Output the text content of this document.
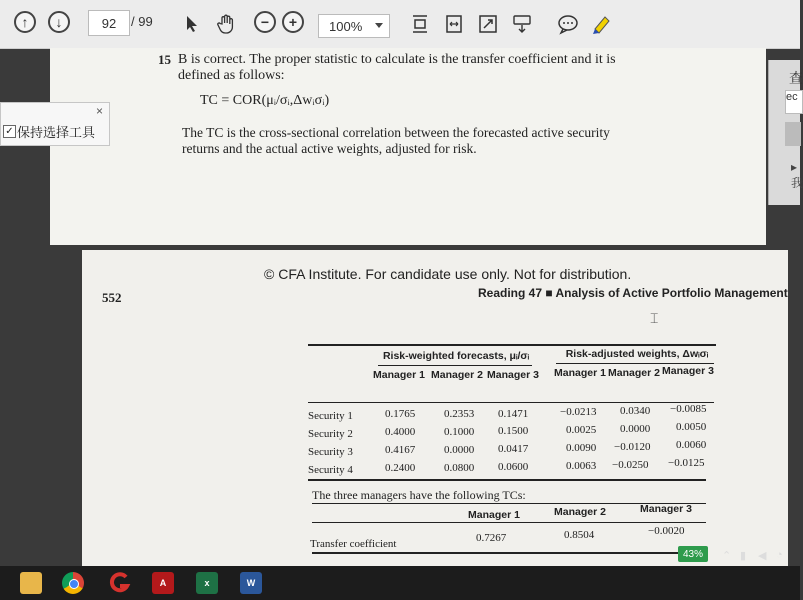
↑	↓	92	/ 99	−	+	100%
15 B is correct. The proper statistic to calculate is the transfer coefficient and it is
defined as follows:
TC = COR(μᵢ/σᵢ,Δwᵢσᵢ)
The TC is the cross-sectional correlation between the forecasted active security
returns and the actual active weights, adjusted for risk.
×
✓ 保持选择工具
查
ec
▸ 我
© CFA Institute. For candidate use only. Not for distribution.
552	Reading 47 ■ Analysis of Active Portfolio Management
⌶
Risk-weighted forecasts, μᵢ/σᵢ	Risk-adjusted weights, Δwᵢσᵢ
Manager 1 Manager 2 Manager 3 Manager 1 Manager 2 Manager 3
Security 1	0.1765	0.2353 0.1471	−0.0213 0.0340 −0.0085
Security 2	0.4000	0.1000 0.1500	0.0025 0.0000 0.0050
Security 3	0.4167	0.0000 0.0417	0.0090 −0.0120 0.0060
Security 4	0.2400	0.0800 0.0600	0.0063 −0.0250 −0.0125
The three managers have the following TCs:
Manager 1	Manager 2	Manager 3
Transfer coefficient	0.7267	0.8504	−0.0020
43%	⌃ ▮ ◀ ◔
A	x	W
